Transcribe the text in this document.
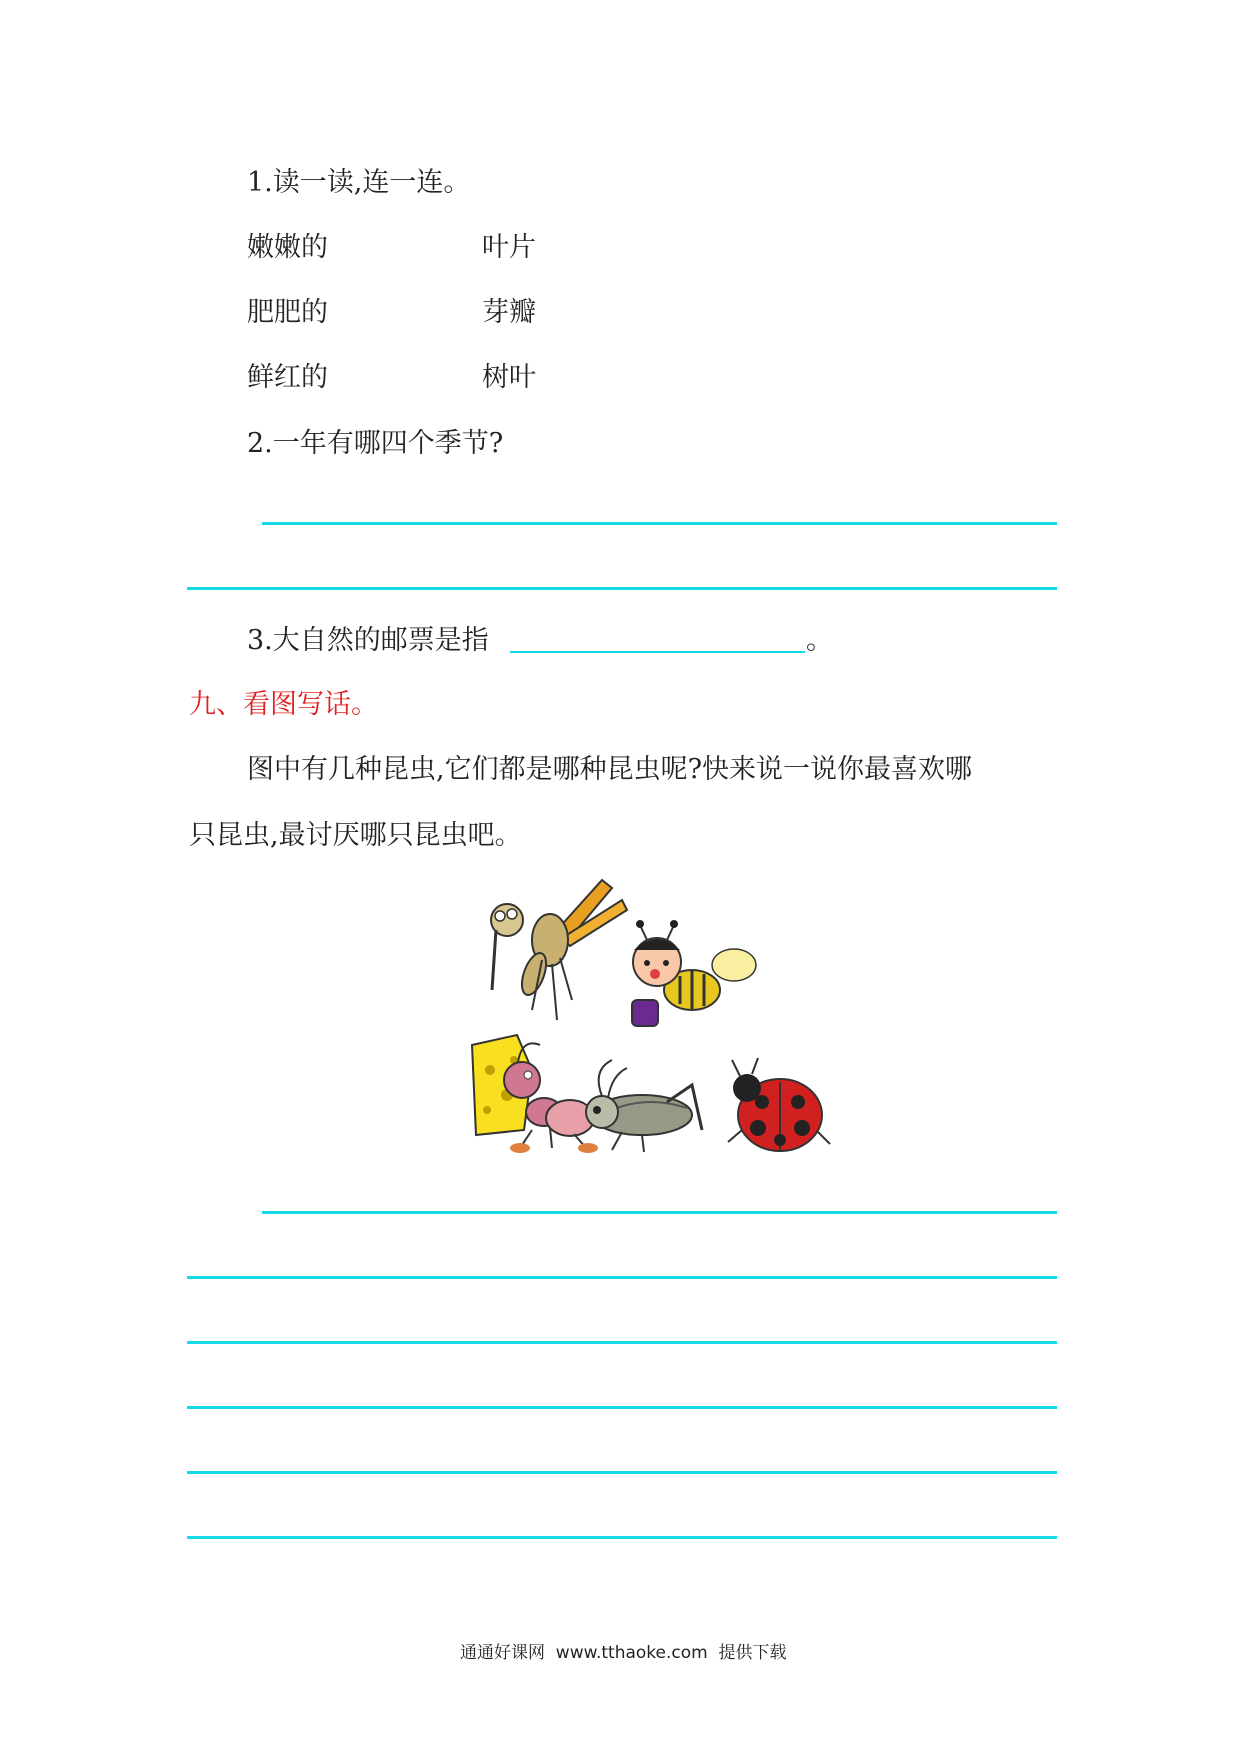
1.读一读,连一连。
嫩嫩的	叶片
肥肥的	芽瓣
鲜红的	树叶
2.一年有哪四个季节?
3.大自然的邮票是指	。
九、看图写话。
图中有几种昆虫,它们都是哪种昆虫呢?快来说一说你最喜欢哪
只昆虫,最讨厌哪只昆虫吧。
通通好课网  www.tthaoke.com  提供下载
